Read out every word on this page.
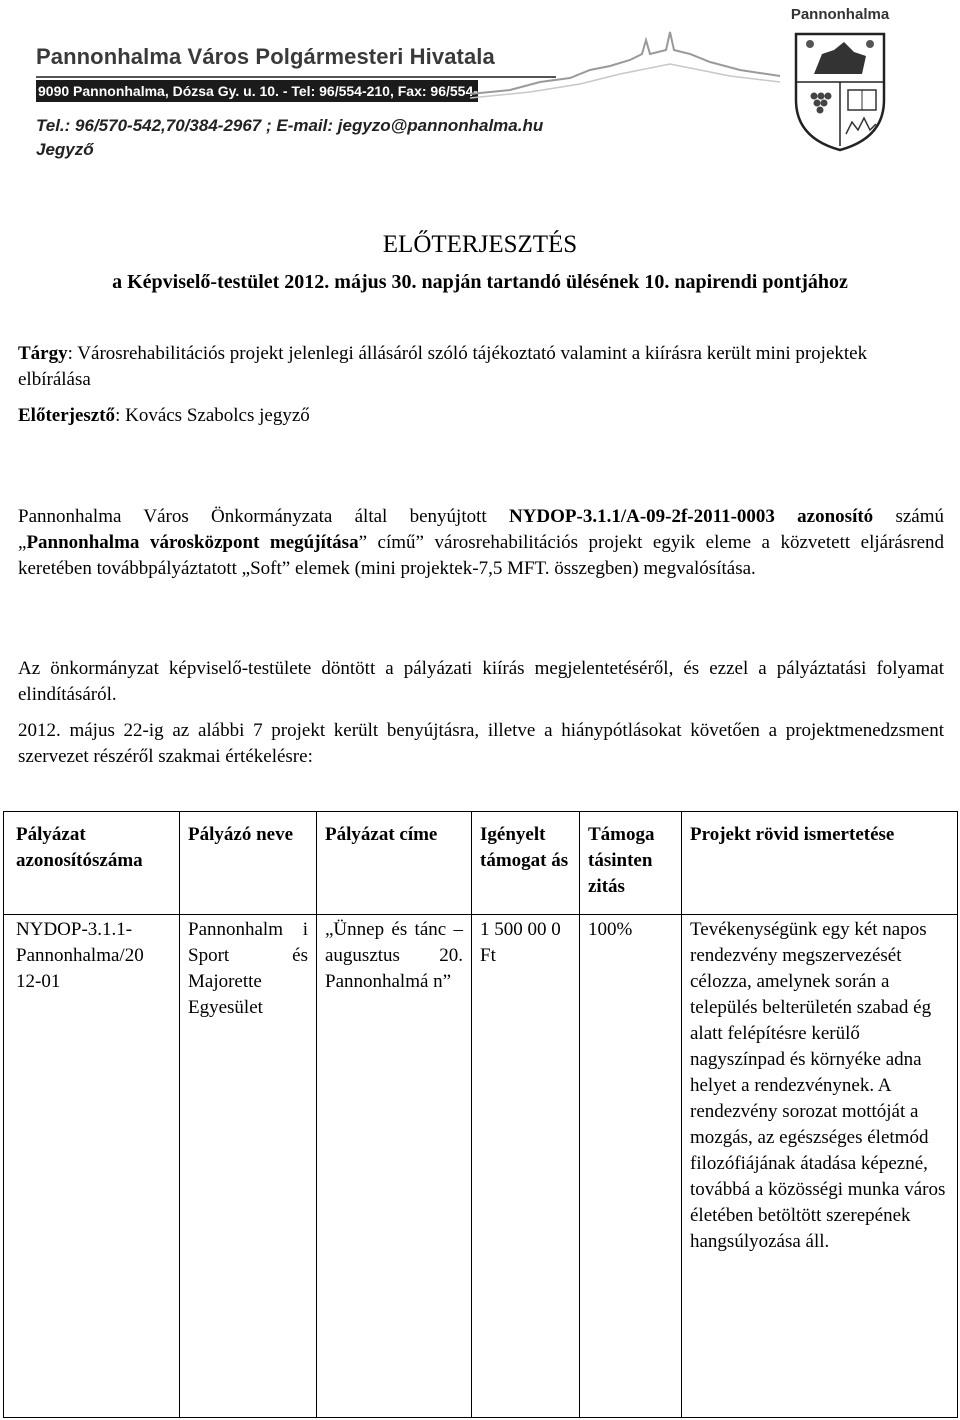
Pannonhalma Város Polgármesteri Hivatala
9090 Pannonhalma, Dózsa Gy. u. 10. - Tel: 96/554-210, Fax: 96/554-219
Tel.: 96/570-542,70/384-2967 ; E-mail: jegyzo@pannonhalma.hu
Jegyző
Pannonhalma
ELŐTERJESZTÉS
a Képviselő-testület 2012. május 30. napján tartandó ülésének 10. napirendi pontjához
Tárgy: Városrehabilitációs projekt jelenlegi állásáról szóló tájékoztató valamint a kiírásra került mini projektek elbírálása
Előterjesztő: Kovács Szabolcs jegyző
Pannonhalma Város Önkormányzata által benyújtott NYDOP-3.1.1/A-09-2f-2011-0003 azonosító számú „Pannonhalma városközpont megújítása” című” városrehabilitációs projekt egyik eleme a közvetett eljárásrend keretében továbbpályáztatott „Soft” elemek (mini projektek-7,5 MFT. összegben) megvalósítása.
Az önkormányzat képviselő-testülete döntött a pályázati kiírás megjelentetéséről, és ezzel a pályáztatási folyamat elindításáról.
2012. május 22-ig az alábbi 7 projekt került benyújtásra, illetve a hiánypótlásokat követően a projektmenedzsment szervezet részéről szakmai értékelésre:
Pályázat azonosítószáma	Pályázó neve	Pályázat címe	Igényelt támogat ás	Támoga tásinten zitás	Projekt rövid ismertetése

NYDOP-3.1.1-Pannonhalma/20 12-01	Pannonhalm i Sport és Majorette Egyesület	„Ünnep és tánc – augusztus 20. Pannonhalmá n”	1 500 00 0 Ft	100%	Tevékenységünk egy két napos rendezvény megszervezését célozza, amelynek során a település belterületén szabad ég alatt felépítésre kerülő nagyszínpad és környéke adna helyet a rendezvénynek. A rendezvény sorozat mottóját a mozgás, az egészséges életmód filozófiájának átadása képezné, továbbá a közösségi munka város életében betöltött szerepének hangsúlyozása áll.
